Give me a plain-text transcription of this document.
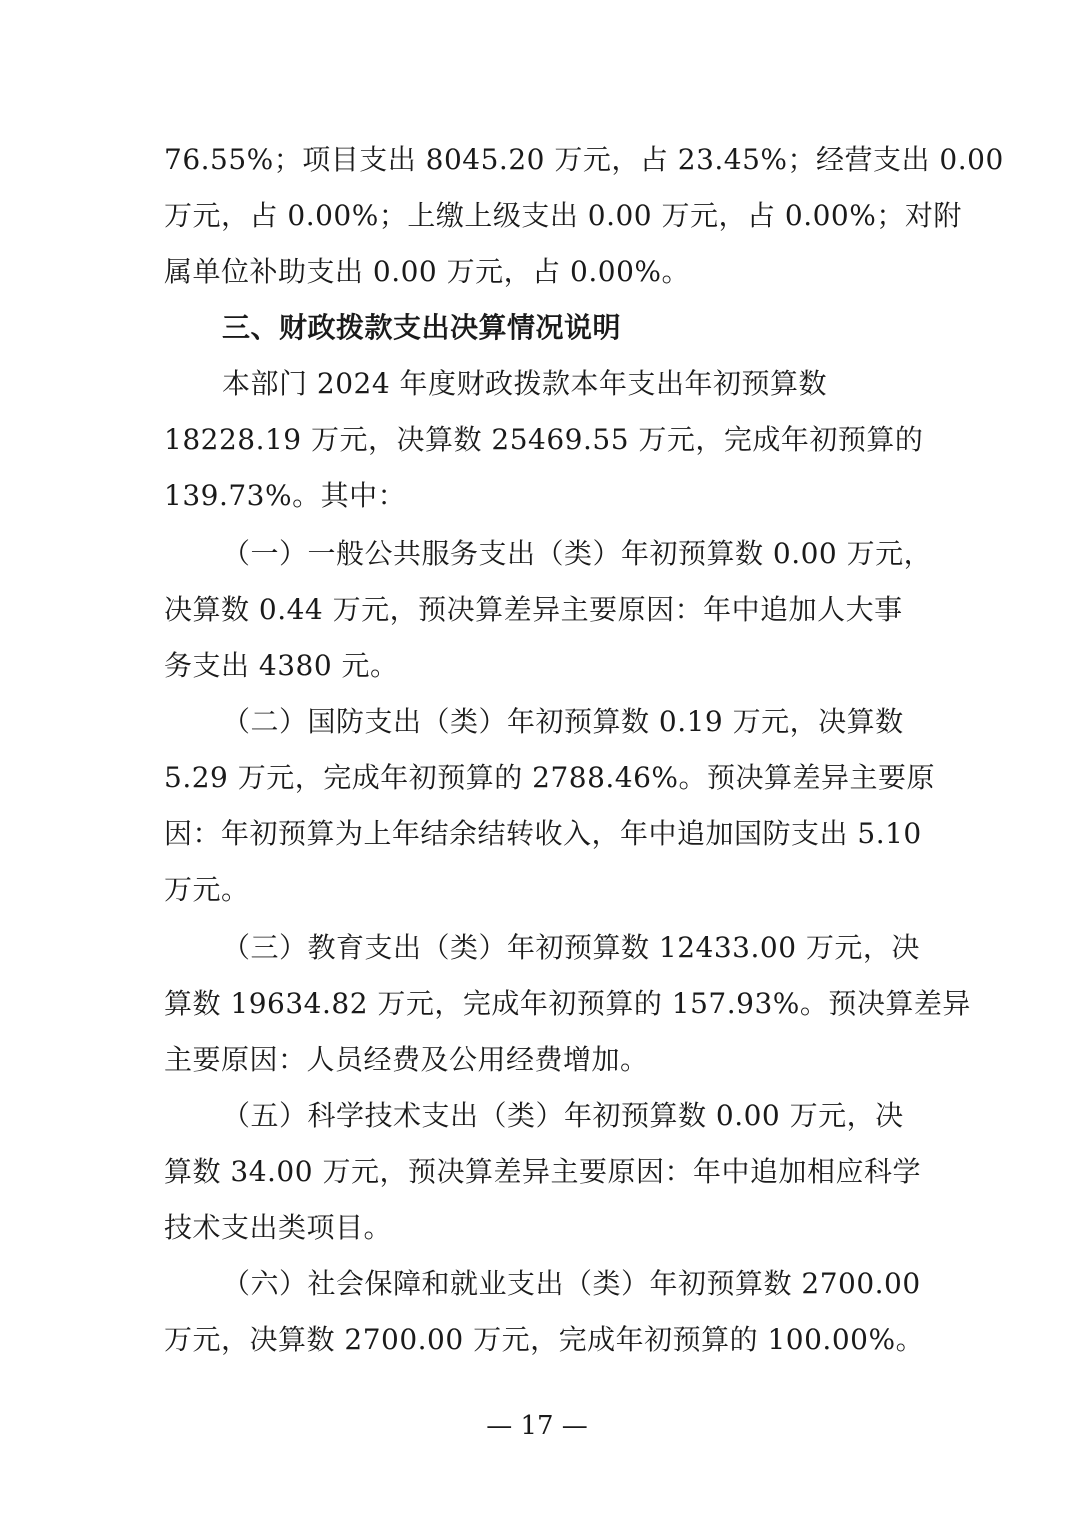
76.55%；项目支出 8045.20 万元，占 23.45%；经营支出 0.00
万元，占 0.00%；上缴上级支出 0.00 万元，占 0.00%；对附
属单位补助支出 0.00 万元，占 0.00%。
三、财政拨款支出决算情况说明
本部门 2024 年度财政拨款本年支出年初预算数
18228.19 万元，决算数 25469.55 万元，完成年初预算的
139.73%。其中：
（一）一般公共服务支出（类）年初预算数 0.00 万元，
决算数 0.44 万元，预决算差异主要原因：年中追加人大事
务支出 4380 元。
（二）国防支出（类）年初预算数 0.19 万元，决算数
5.29 万元，完成年初预算的 2788.46%。预决算差异主要原
因：年初预算为上年结余结转收入，年中追加国防支出 5.10
万元。
（三）教育支出（类）年初预算数 12433.00 万元，决
算数 19634.82 万元，完成年初预算的 157.93%。预决算差异
主要原因：人员经费及公用经费增加。
（五）科学技术支出（类）年初预算数 0.00 万元，决
算数 34.00 万元，预决算差异主要原因：年中追加相应科学
技术支出类项目。
（六）社会保障和就业支出（类）年初预算数 2700.00
万元，决算数 2700.00 万元，完成年初预算的 100.00%。
— 17 —
